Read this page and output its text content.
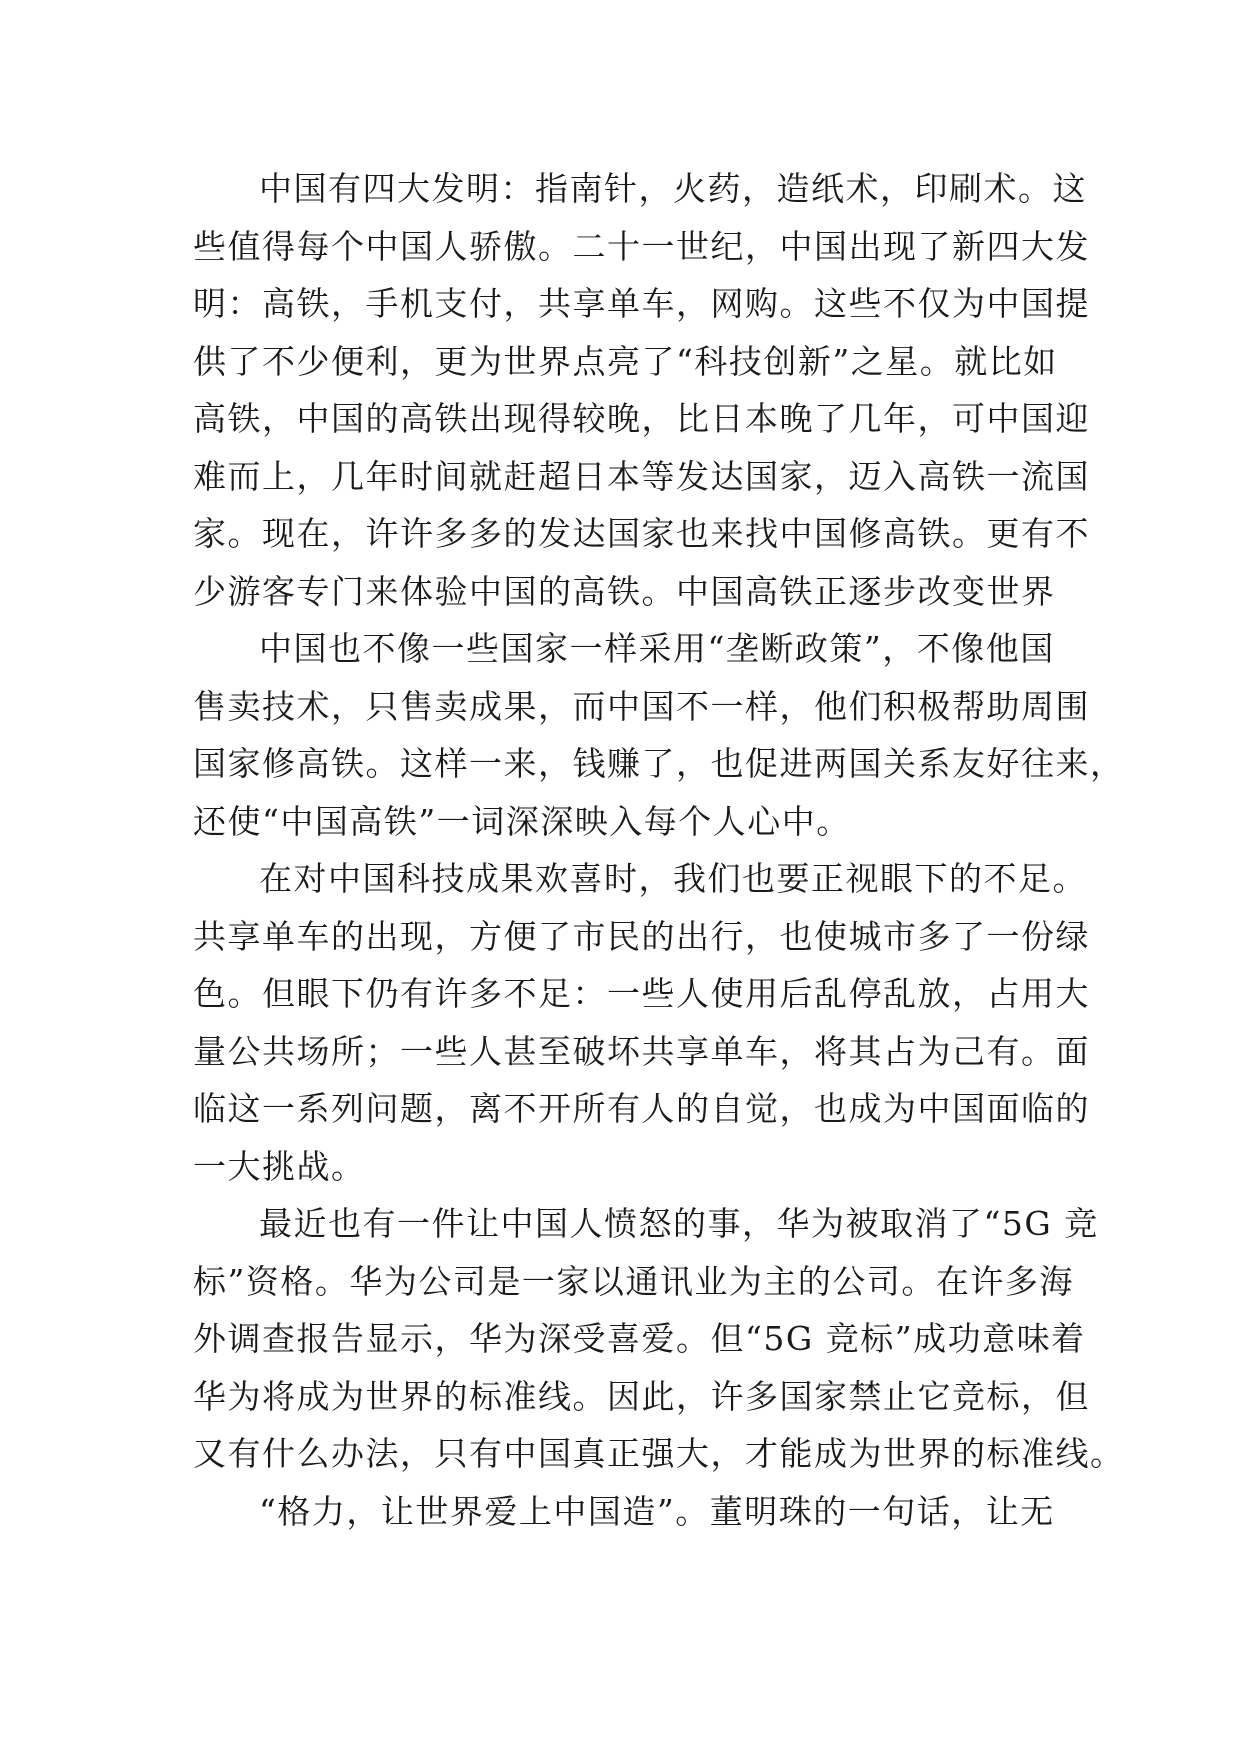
中国有四大发明：指南针，火药，造纸术，印刷术。这
些值得每个中国人骄傲。二十一世纪，中国出现了新四大发
明：高铁，手机支付，共享单车，网购。这些不仅为中国提
供了不少便利，更为世界点亮了“科技创新”之星。就比如
高铁，中国的高铁出现得较晚，比日本晚了几年，可中国迎
难而上，几年时间就赶超日本等发达国家，迈入高铁一流国
家。现在，许许多多的发达国家也来找中国修高铁。更有不
少游客专门来体验中国的高铁。中国高铁正逐步改变世界
中国也不像一些国家一样采用“垄断政策”，不像他国
售卖技术，只售卖成果，而中国不一样，他们积极帮助周围
国家修高铁。这样一来，钱赚了，也促进两国关系友好往来，
还使“中国高铁”一词深深映入每个人心中。
在对中国科技成果欢喜时，我们也要正视眼下的不足。
共享单车的出现，方便了市民的出行，也使城市多了一份绿
色。但眼下仍有许多不足：一些人使用后乱停乱放，占用大
量公共场所；一些人甚至破坏共享单车，将其占为己有。面
临这一系列问题，离不开所有人的自觉，也成为中国面临的
一大挑战。
最近也有一件让中国人愤怒的事，华为被取消了“5G 竞
标”资格。华为公司是一家以通讯业为主的公司。在许多海
外调查报告显示，华为深受喜爱。但“5G 竞标”成功意味着
华为将成为世界的标准线。因此，许多国家禁止它竞标，但
又有什么办法，只有中国真正强大，才能成为世界的标准线。
“格力，让世界爱上中国造”。董明珠的一句话，让无
